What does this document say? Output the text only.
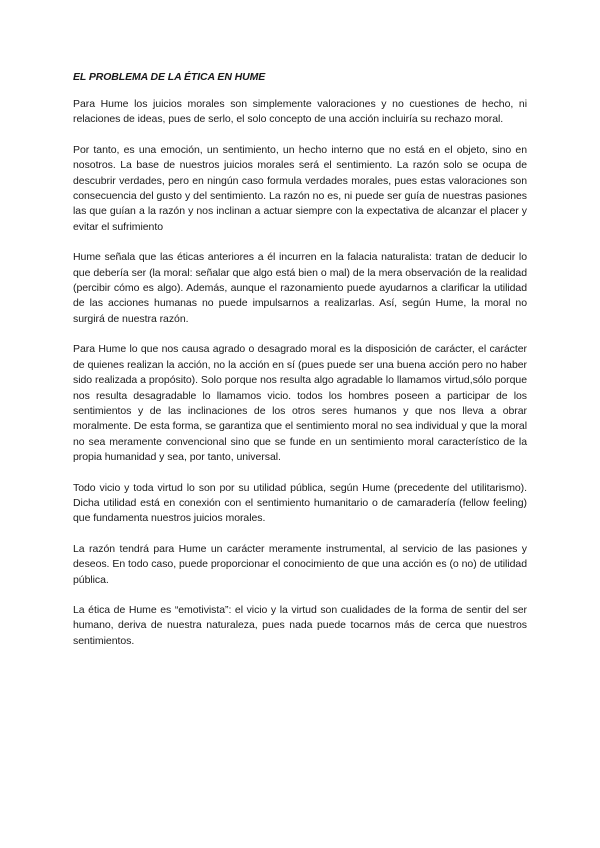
EL PROBLEMA DE LA ÉTICA EN HUME

Para Hume los juicios morales son simplemente valoraciones y no cuestiones de hecho, ni relaciones de ideas, pues de serlo, el solo concepto de una acción incluiría su rechazo moral.

Por tanto, es una emoción, un sentimiento, un hecho interno que no está en el objeto, sino en nosotros. La base de nuestros juicios morales será el sentimiento. La razón solo se ocupa de descubrir verdades, pero en ningún caso formula verdades morales, pues estas valoraciones son consecuencia del gusto y del sentimiento. La razón no es, ni puede ser guía de nuestras pasiones las que guían a la razón y nos inclinan a actuar siempre con la expectativa de alcanzar el placer y evitar el sufrimiento

Hume señala que las éticas anteriores a él incurren en la falacia naturalista: tratan de deducir lo que debería ser (la moral: señalar que algo está bien o mal) de la mera observación de la realidad (percibir cómo es algo). Además, aunque el razonamiento puede ayudarnos a clarificar la utilidad de las acciones humanas no puede impulsarnos a realizarlas. Así, según Hume, la moral no surgirá de nuestra razón.

Para Hume lo que nos causa agrado o desagrado moral es la disposición de carácter, el carácter de quienes realizan la acción, no la acción en sí (pues puede ser una buena acción pero no haber sido realizada a propósito). Solo porque nos resulta algo agradable lo llamamos virtud,sólo porque nos resulta desagradable lo llamamos vicio. todos los hombres poseen a participar de los sentimientos y de las inclinaciones de los otros seres humanos y que nos lleva a obrar moralmente. De esta forma, se garantiza que el sentimiento moral no sea individual y que la moral no sea meramente convencional sino que se funde en un sentimiento moral característico de la propia humanidad y sea, por tanto, universal.

Todo vicio y toda virtud lo son por su utilidad pública, según Hume (precedente del utilitarismo). Dicha utilidad está en conexión con el sentimiento humanitario o de camaradería (fellow feeling) que fundamenta nuestros juicios morales.

La razón tendrá para Hume un carácter meramente instrumental, al servicio de las pasiones y deseos. En todo caso, puede proporcionar el conocimiento de que una acción es (o no) de utilidad pública.

La ética de Hume es “emotivista”: el vicio y la virtud son cualidades de la forma de sentir del ser humano, deriva de nuestra naturaleza, pues nada puede tocarnos más de cerca que nuestros sentimientos.
